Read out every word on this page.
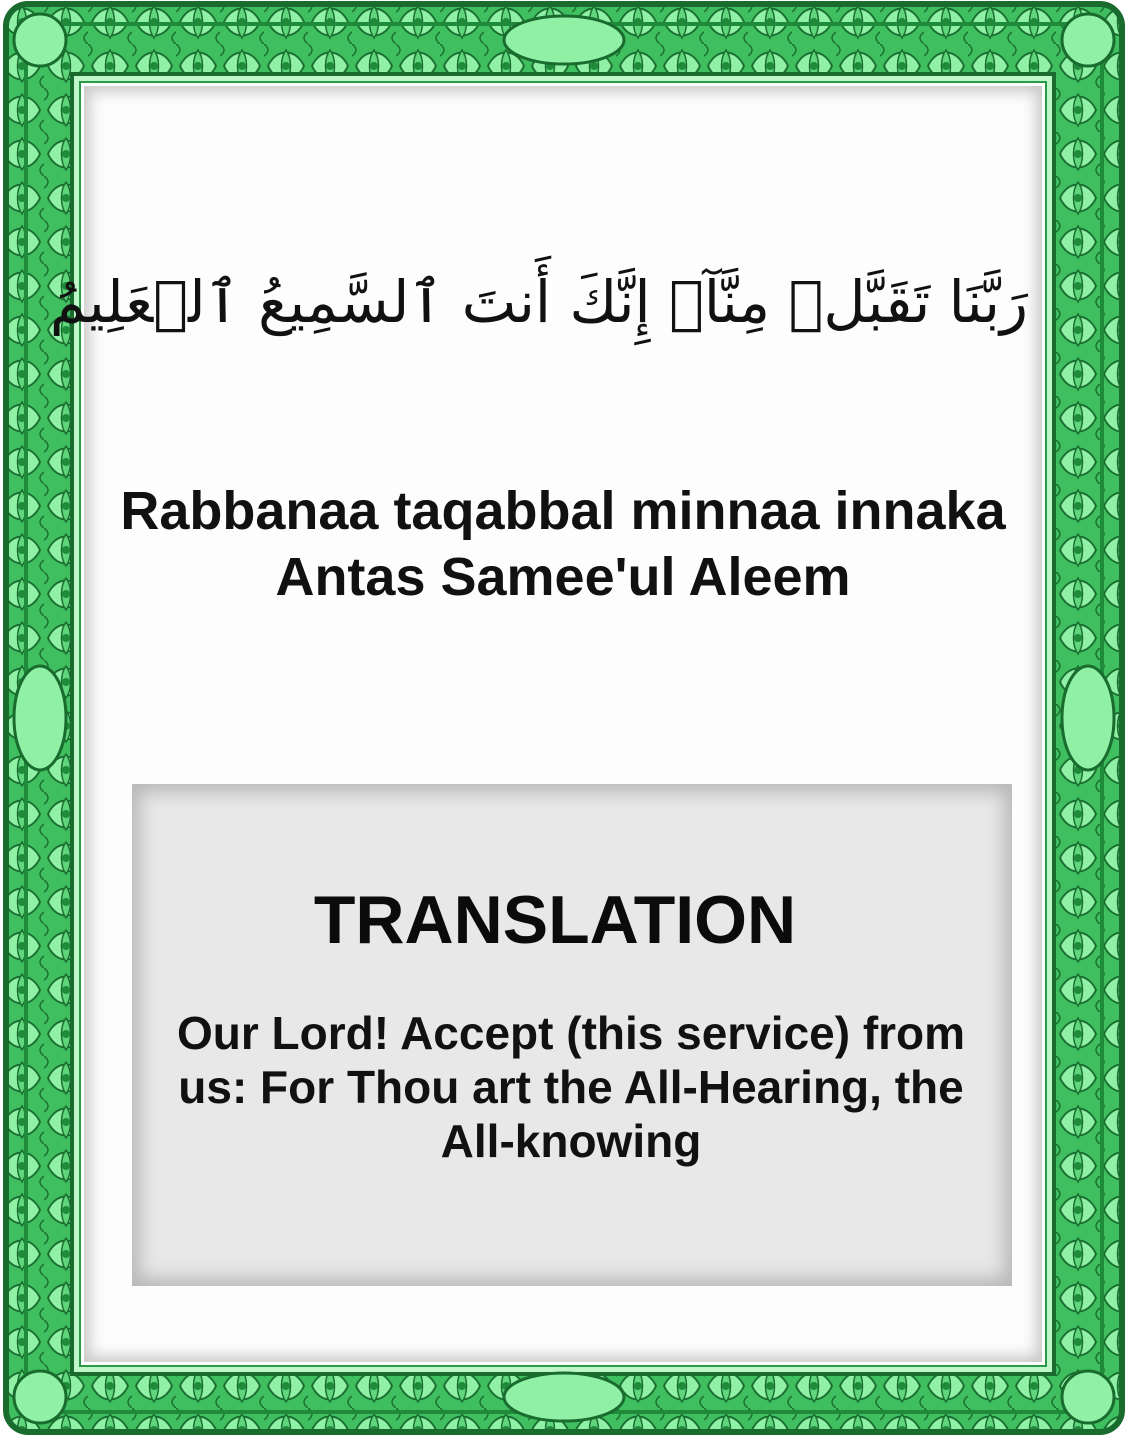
رَبَّنَا تَقَبَّلۡ مِنَّآۖ إِنَّكَ أَنتَ ٱلسَّمِيعُ ٱلۡعَلِيمُ
Rabbanaa taqabbal minnaa innaka Antas Samee'ul Aleem
TRANSLATION
Our Lord! Accept (this service) from us: For Thou art the All-Hearing, the All-knowing
